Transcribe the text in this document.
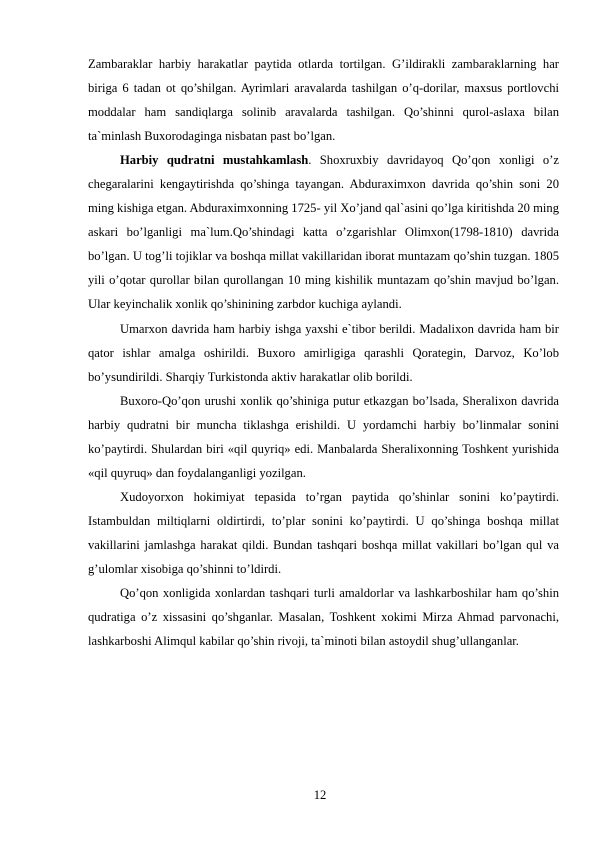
Zambaraklar harbiy harakatlar paytida otlarda tortilgan. G’ildirakli zambaraklarning har biriga 6 tadan ot qo’shilgan. Ayrimlari aravalarda tashilgan o’q-dorilar, maxsus portlovchi moddalar ham sandiqlarga solinib aravalarda tashilgan. Qo’shinni qurol-aslaxa bilan ta`minlash Buxorodaginga nisbatan past bo’lgan.

Harbiy qudratni mustahkamlash. Shoxruxbiy davridayoq Qo’qon xonligi o’z chegaralarini kengaytirishda qo’shinga tayangan. Abduraximxon davrida qo’shin soni 20 ming kishiga etgan. Abduraximxonning 1725- yil Xo’jand qal`asini qo’lga kiritishda 20 ming askari bo’lganligi ma`lum.Qo’shindagi katta o’zgarishlar Olimxon(1798-1810) davrida bo’lgan. U tog’li tojiklar va boshqa millat vakillaridan iborat muntazam qo’shin tuzgan. 1805 yili o’qotar qurollar bilan qurollangan 10 ming kishilik muntazam qo’shin mavjud bo’lgan. Ular keyinchalik xonlik qo’shinining zarbdor kuchiga aylandi.

Umarxon davrida ham harbiy ishga yaxshi e`tibor berildi. Madalixon davrida ham bir qator ishlar amalga oshirildi. Buxoro amirligiga qarashli Qorategin, Darvoz, Ko’lob bo’ysundirildi. Sharqiy Turkistonda aktiv harakatlar olib borildi.

Buxoro-Qo’qon urushi xonlik qo’shiniga putur etkazgan bo’lsada, Sheralixon davrida harbiy qudratni bir muncha tiklashga erishildi. U yordamchi harbiy bo’linmalar sonini ko’paytirdi. Shulardan biri «qil quyriq» edi. Manbalarda Sheralixonning Toshkent yurishida «qil quyruq» dan foydalanganligi yozilgan.

Xudoyorxon hokimiyat tepasida to’rgan paytida qo’shinlar sonini ko’paytirdi. Istambuldan miltiqlarni oldirtirdi, to’plar sonini ko’paytirdi. U qo’shinga boshqa millat vakillarini jamlashga harakat qildi. Bundan tashqari boshqa millat vakillari bo’lgan qul va g’ulomlar xisobiga qo’shinni to’ldirdi.

Qo’qon xonligida xonlardan tashqari turli amaldorlar va lashkarboshilar ham qo’shin qudratiga o’z xissasini qo’shganlar. Masalan, Toshkent xokimi Mirza Ahmad parvonachi, lashkarboshi Alimqul kabilar qo’shin rivoji, ta`minoti bilan astoydil shug’ullanganlar.

12
